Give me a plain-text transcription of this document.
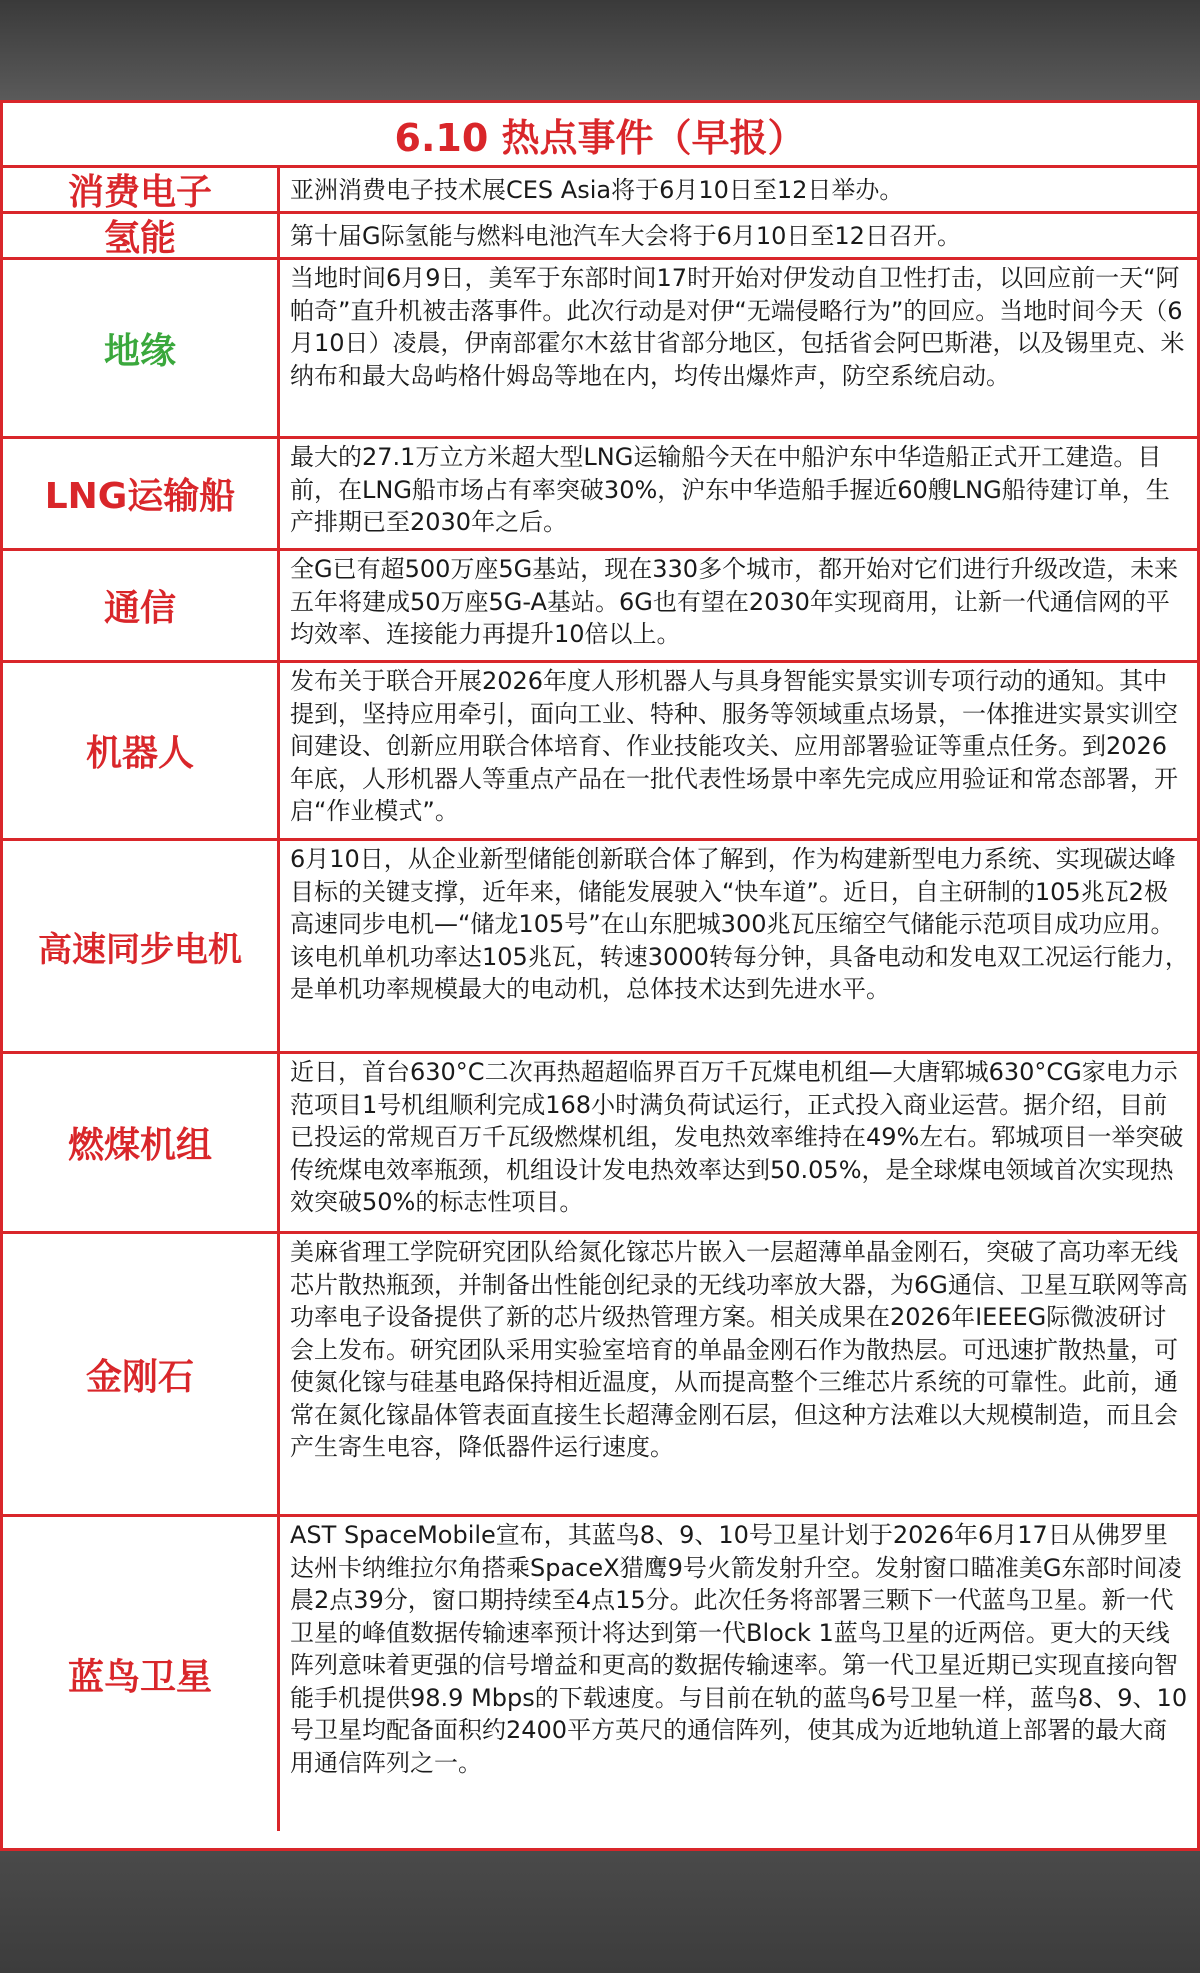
6.10 热点事件（早报）
消费电子	亚洲消费电子技术展CES Asia将于6月10日至12日举办。
氢能	第十届G际氢能与燃料电池汽车大会将于6月10日至12日召开。
地缘
当地时间6月9日，美军于东部时间17时开始对伊发动自卫性打击，以回应前一天“阿帕奇”直升机被击落事件。此次行动是对伊“无端侵略行为”的回应。当地时间今天（6月10日）凌晨，伊南部霍尔木兹甘省部分地区，包括省会阿巴斯港，以及锡里克、米纳布和最大岛屿格什姆岛等地在内，均传出爆炸声，防空系统启动。
LNG运输船
最大的27.1万立方米超大型LNG运输船今天在中船沪东中华造船正式开工建造。目前，在LNG船市场占有率突破30%，沪东中华造船手握近60艘LNG船待建订单，生产排期已至2030年之后。
通信
全G已有超500万座5G基站，现在330多个城市，都开始对它们进行升级改造，未来五年将建成50万座5G-A基站。6G也有望在2030年实现商用，让新一代通信网的平均效率、连接能力再提升10倍以上。
机器人
发布关于联合开展2026年度人形机器人与具身智能实景实训专项行动的通知。其中提到，坚持应用牵引，面向工业、特种、服务等领域重点场景，一体推进实景实训空间建设、创新应用联合体培育、作业技能攻关、应用部署验证等重点任务。到2026年底，人形机器人等重点产品在一批代表性场景中率先完成应用验证和常态部署，开启“作业模式”。
高速同步电机
6月10日，从企业新型储能创新联合体了解到，作为构建新型电力系统、实现碳达峰目标的关键支撑，近年来，储能发展驶入“快车道”。近日，自主研制的105兆瓦2极高速同步电机—“储龙105号”在山东肥城300兆瓦压缩空气储能示范项目成功应用。该电机单机功率达105兆瓦，转速3000转每分钟，具备电动和发电双工况运行能力，是单机功率规模最大的电动机，总体技术达到先进水平。
燃煤机组
近日，首台630°C二次再热超超临界百万千瓦煤电机组—大唐郓城630°CG家电力示范项目1号机组顺利完成168小时满负荷试运行，正式投入商业运营。据介绍，目前已投运的常规百万千瓦级燃煤机组，发电热效率维持在49%左右。郓城项目一举突破传统煤电效率瓶颈，机组设计发电热效率达到50.05%，是全球煤电领域首次实现热效突破50%的标志性项目。
金刚石
美麻省理工学院研究团队给氮化镓芯片嵌入一层超薄单晶金刚石，突破了高功率无线芯片散热瓶颈，并制备出性能创纪录的无线功率放大器，为6G通信、卫星互联网等高功率电子设备提供了新的芯片级热管理方案。相关成果在2026年IEEEG际微波研讨会上发布。研究团队采用实验室培育的单晶金刚石作为散热层。可迅速扩散热量，可使氮化镓与硅基电路保持相近温度，从而提高整个三维芯片系统的可靠性。此前，通常在氮化镓晶体管表面直接生长超薄金刚石层，但这种方法难以大规模制造，而且会产生寄生电容，降低器件运行速度。
蓝鸟卫星
AST SpaceMobile宣布，其蓝鸟8、9、10号卫星计划于2026年6月17日从佛罗里达州卡纳维拉尔角搭乘SpaceX猎鹰9号火箭发射升空。发射窗口瞄准美G东部时间凌晨2点39分，窗口期持续至4点15分。此次任务将部署三颗下一代蓝鸟卫星。新一代卫星的峰值数据传输速率预计将达到第一代Block 1蓝鸟卫星的近两倍。更大的天线阵列意味着更强的信号增益和更高的数据传输速率。第一代卫星近期已实现直接向智能手机提供98.9 Mbps的下载速度。与目前在轨的蓝鸟6号卫星一样，蓝鸟8、9、10号卫星均配备面积约2400平方英尺的通信阵列，使其成为近地轨道上部署的最大商用通信阵列之一。
